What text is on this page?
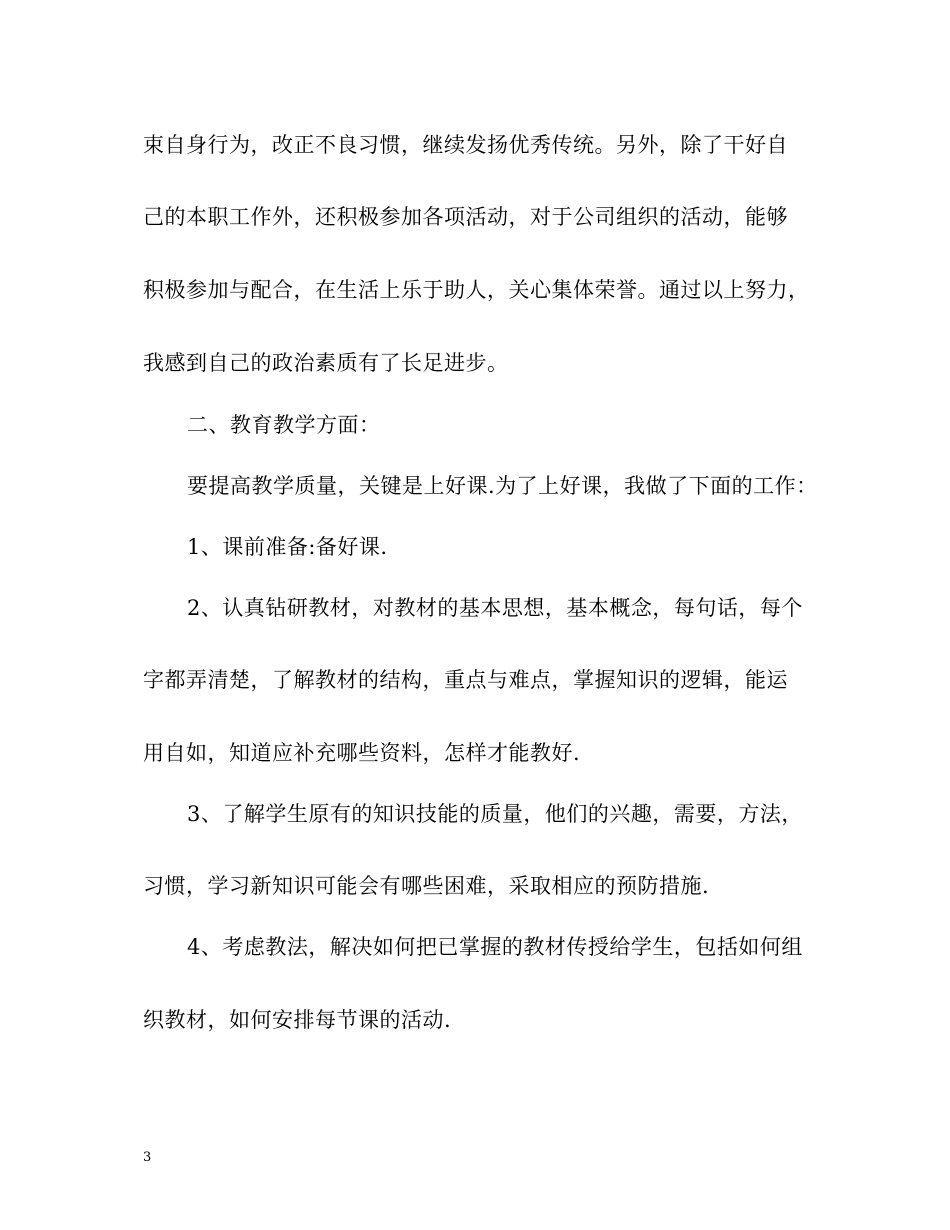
束自身行为，改正不良习惯，继续发扬优秀传统。另外，除了干好自
己的本职工作外，还积极参加各项活动，对于公司组织的活动，能够
积极参加与配合，在生活上乐于助人，关心集体荣誉。通过以上努力，
我感到自己的政治素质有了长足进步。
二、教育教学方面：
要提高教学质量，关键是上好课.为了上好课，我做了下面的工作：
1、课前准备:备好课.
2、认真钻研教材，对教材的基本思想，基本概念，每句话，每个
字都弄清楚，了解教材的结构，重点与难点，掌握知识的逻辑，能运
用自如，知道应补充哪些资料，怎样才能教好.
3、了解学生原有的知识技能的质量，他们的兴趣，需要，方法，
习惯，学习新知识可能会有哪些困难，采取相应的预防措施.
4、考虑教法，解决如何把已掌握的教材传授给学生，包括如何组
织教材，如何安排每节课的活动.
3
